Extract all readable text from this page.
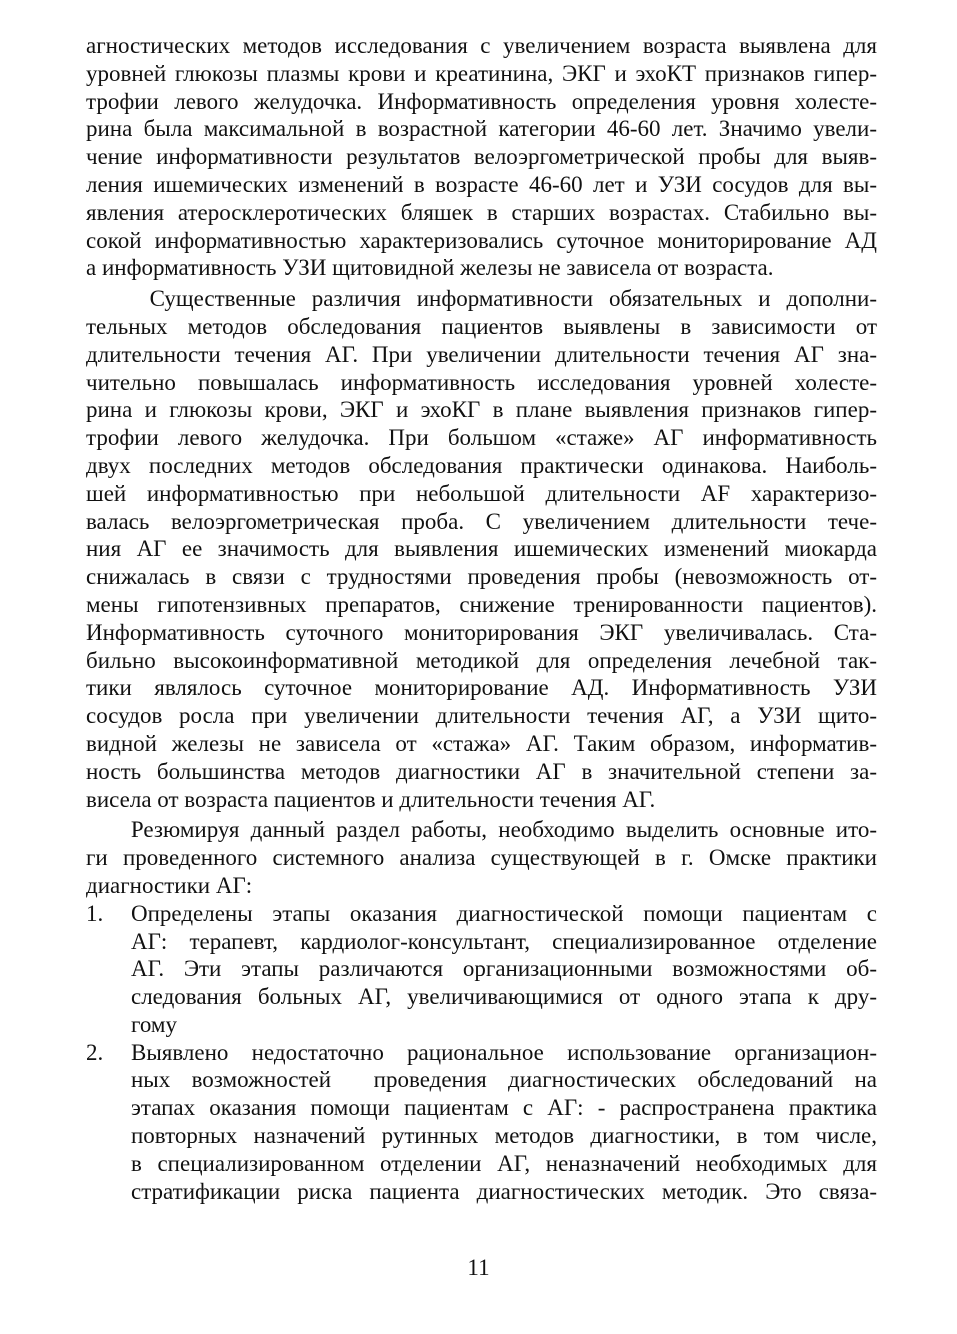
агностических методов исследования с увеличением возраста выявлена для
уровней глюкозы плазмы крови и креатинина, ЭКГ и эхоКТ признаков гипер-
трофии левого желудочка. Информативность определения уровня холесте-
рина была максимальной в возрастной категории 46-60 лет. Значимо увели-
чение информативности результатов велоэргометрической пробы для выяв-
ления ишемических изменений в возрасте 46-60 лет и УЗИ сосудов для вы-
явления атеросклеротических бляшек в старших возрастах. Стабильно вы-
сокой информативностью характеризовались суточное мониторирование АД
а информативность УЗИ щитовидной железы не зависела от возраста.
Существенные различия информативности обязательных и дополни-
тельных методов обследования пациентов выявлены в зависимости от
длительности течения АГ. При увеличении длительности течения АГ зна-
чительно повышалась информативность исследования уровней холесте-
рина и глюкозы крови, ЭКГ и эхоКГ в плане выявления признаков гипер-
трофии левого желудочка. При большом «стаже» АГ информативность
двух последних методов обследования практически одинакова. Наиболь-
шей информативностью при небольшой длительности АF характеризо-
валась велоэргометрическая проба. С увеличением длительности тече-
ния АГ ее значимость для выявления ишемических изменений миокарда
снижалась в связи с трудностями проведения пробы (невозможность от-
мены гипотензивных препаратов, снижение тренированности пациентов).
Информативность суточного мониторирования ЭКГ увеличивалась. Ста-
бильно высокоинформативной методикой для определения лечебной так-
тики являлось суточное мониторирование АД. Информативность УЗИ
сосудов росла при увеличении длительности течения АГ, а УЗИ щито-
видной железы не зависела от «стажа» АГ. Таким образом, информатив-
ность большинства методов диагностики АГ в значительной степени за-
висела от возраста пациентов и длительности течения АГ.
Резюмируя данный раздел работы, необходимо выделить основные ито-
ги проведенного системного анализа существующей в г. Омске практики
диагностики АГ:
1. Определены этапы оказания диагностической помощи пациентам с
АГ: терапевт, кардиолог-консультант, специализированное отделение
АГ. Эти этапы различаются организационными возможностями об-
следования больных АГ, увеличивающимися от одного этапа к дру-
гому
2. Выявлено недостаточно рациональное использование организацион-
ных возможностей  проведения диагностических обследований на
этапах оказания помощи пациентам с АГ: - распространена практика
повторных назначений рутинных методов диагностики, в том числе,
в специализированном отделении АГ, неназначений необходимых для
стратификации риска пациента диагностических методик. Это связа-
11
